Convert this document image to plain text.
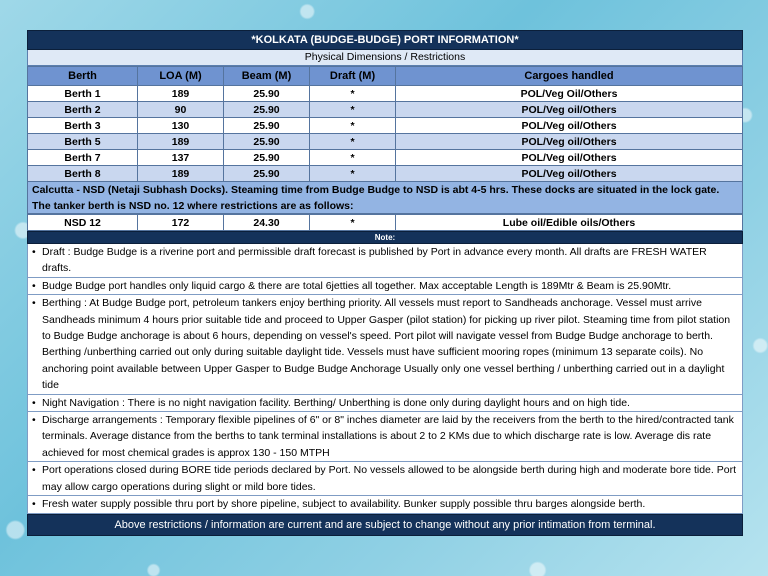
*KOLKATA (BUDGE-BUDGE) PORT INFORMATION*
Physical Dimensions / Restrictions
Berth	LOA (M)	Beam (M)	Draft (M)	Cargoes handled
Berth 1	189	25.90	*	POL/Veg Oil/Others
Berth 2	90	25.90	*	POL/Veg oil/Others
Berth 3	130	25.90	*	POL/Veg oil/Others
Berth 5	189	25.90	*	POL/Veg oil/Others
Berth 7	137	25.90	*	POL/Veg oil/Others
Berth 8	189	25.90	*	POL/Veg oil/Others
Calcutta - NSD (Netaji Subhash Docks). Steaming time from Budge Budge to NSD is abt 4-5 hrs. These docks are situated in the lock gate. The tanker berth is NSD no. 12 where restrictions are as follows:
NSD 12	172	24.30	*	Lube oil/Edible oils/Others
Note:
• Draft : Budge Budge is a riverine port and permissible draft forecast is published by Port in advance every month. All drafts are FRESH WATER drafts.
• Budge Budge port handles only liquid cargo & there are total 6jetties all together. Max acceptable Length is 189Mtr & Beam is 25.90Mtr.
• Berthing : At Budge Budge port, petroleum tankers enjoy berthing priority. All vessels must report to Sandheads anchorage. Vessel must arrive Sandheads minimum 4 hours prior suitable tide and proceed to Upper Gasper (pilot station) for picking up river pilot. Steaming time from pilot station to Budge Budge anchorage is about 6 hours, depending on vessel's speed. Port pilot will navigate vessel from Budge Budge anchorage to berth. Berthing /unberthing carried out only during suitable daylight tide. Vessels must have sufficient mooring ropes (minimum 13 separate coils). No anchoring point available between Upper Gasper to Budge Budge Anchorage Usually only one vessel berthing / unberthing carried out in a daylight tide
• Night Navigation : There is no night navigation facility. Berthing/ Unberthing is done only during daylight hours and on high tide.
• Discharge arrangements : Temporary flexible pipelines of 6" or 8" inches diameter are laid by the receivers from the berth to the hired/contracted tank terminals. Average distance from the berths to tank terminal installations is about 2 to 2 KMs due to which discharge rate is low. Average dis rate achieved for most chemical grades is approx 130 - 150 MTPH
• Port operations closed during BORE tide periods declared by Port. No vessels allowed to be alongside berth during high and moderate bore tide. Port may allow cargo operations during slight or mild bore tides.
• Fresh water supply possible thru port by shore pipeline, subject to availability. Bunker supply possible thru barges alongside berth.
Above restrictions / information are current and are subject to change without any prior intimation from terminal.
